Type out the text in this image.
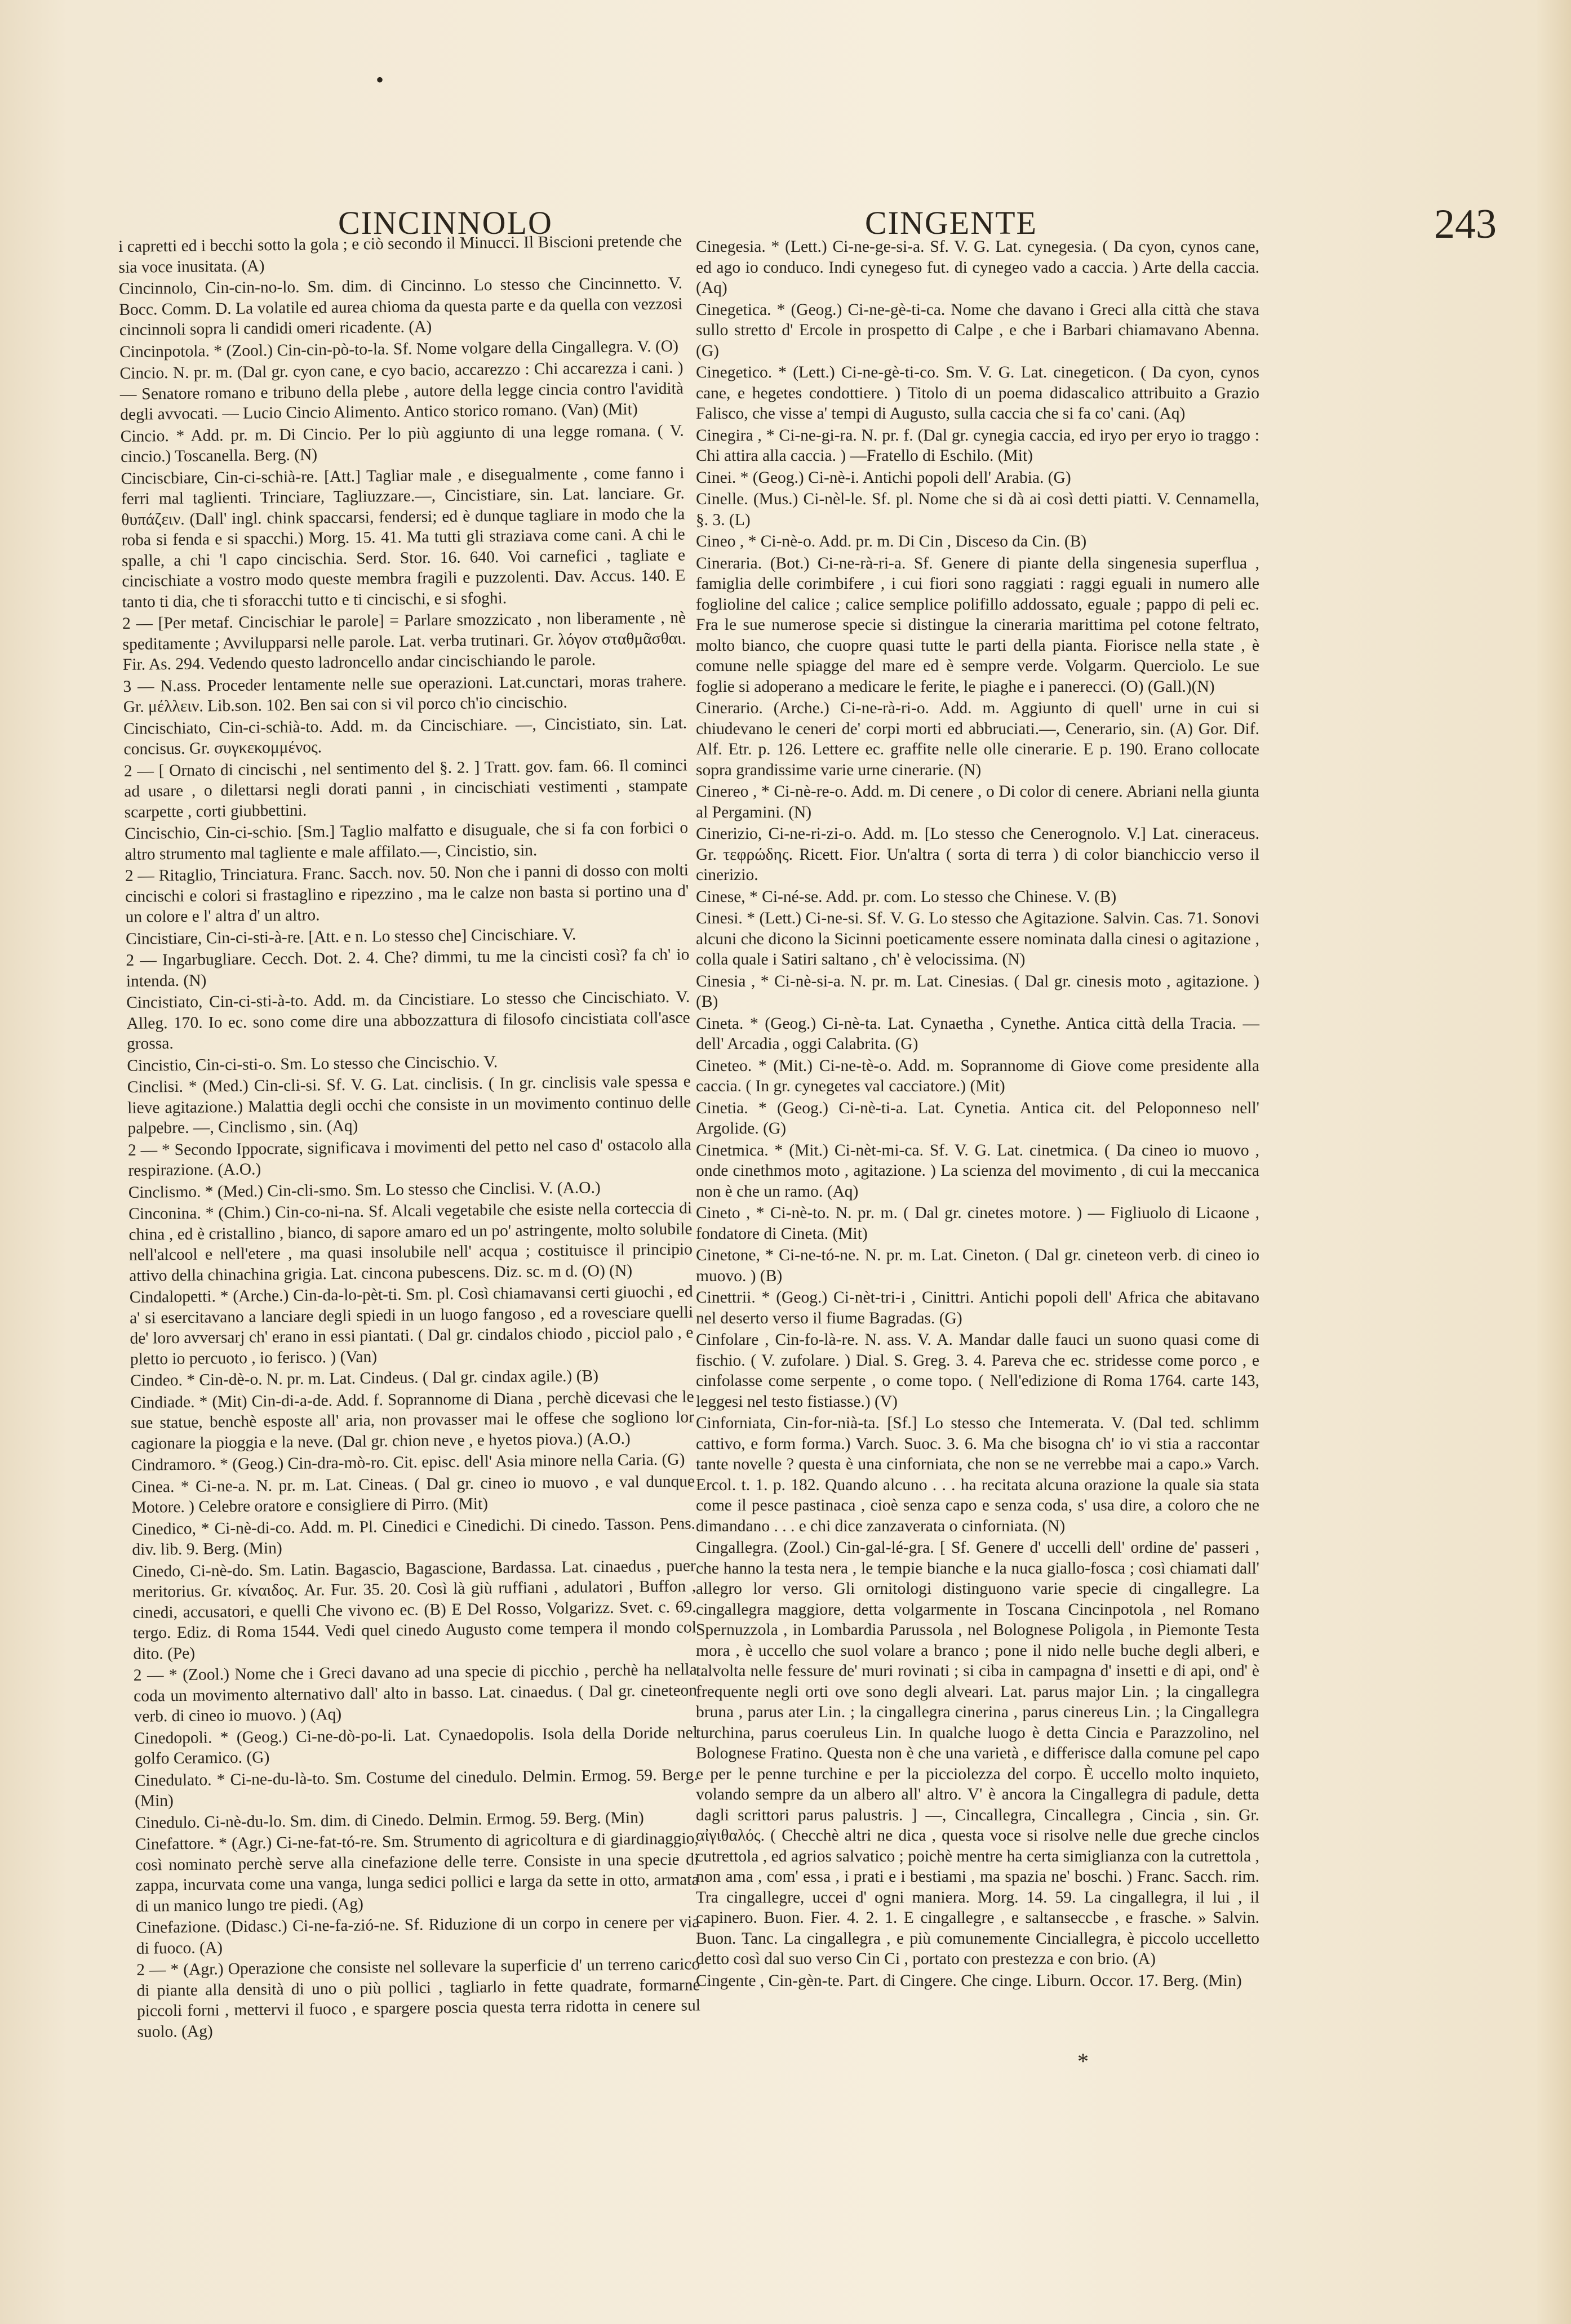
•
CINCINNOLO	CINGENTE	243

i capretti ed i becchi sotto la gola ; e ciò secondo il Minucci. Il Biscioni pretende che sia voce inusitata. (A)

Cincinnolo, Cin-cin-no-lo. Sm. dim. di Cincinno. Lo stesso che Cincinnetto. V. Bocc. Comm. D. La volatile ed aurea chioma da questa parte e da quella con vezzosi cincinnoli sopra li candidi omeri ricadente. (A)

Cincinpotola. * (Zool.) Cin-cin-pò-to-la. Sf. Nome volgare della Cingallegra. V. (O)

Cincio. N. pr. m. (Dal gr. cyon cane, e cyo bacio, accarezzo : Chi accarezza i cani. ) — Senatore romano e tribuno della plebe , autore della legge cincia contro l'avidità degli avvocati. — Lucio Cincio Alimento. Antico storico romano. (Van) (Mit)

Cincio. * Add. pr. m. Di Cincio. Per lo più aggiunto di una legge romana. ( V. cincio.) Toscanella. Berg. (N)

Cinciscbiare, Cin-ci-schià-re. [Att.] Tagliar male , e disegualmente , come fanno i ferri mal taglienti. Trinciare, Tagliuzzare.—, Cincistiare, sin. Lat. lanciare. Gr. θυπάζειν. (Dall' ingl. chink spaccarsi, fendersi; ed è dunque tagliare in modo che la roba si fenda e si spacchi.) Morg. 15. 41. Ma tutti gli straziava come cani. A chi le spalle, a chi 'l capo cincischia. Serd. Stor. 16. 640. Voi carnefici , tagliate e cincischiate a vostro modo queste membra fragili e puzzolenti. Dav. Accus. 140. E tanto ti dia, che ti sforacchi tutto e ti cincischi, e si sfoghi.

2 — [Per metaf. Cincischiar le parole] = Parlare smozzicato , non liberamente , nè speditamente ; Avvilupparsi nelle parole. Lat. verba trutinari. Gr. λόγον σταθμᾶσθαι. Fir. As. 294. Vedendo questo ladroncello andar cincischiando le parole.

3 — N.ass. Proceder lentamente nelle sue operazioni. Lat.cunctari, moras trahere. Gr. μέλλειν. Lib.son. 102. Ben sai con si vil porco ch'io cincischio.

Cincischiato, Cin-ci-schià-to. Add. m. da Cincischiare. —, Cincistiato, sin. Lat. concisus. Gr. συγκεκομμένος.

2 — [ Ornato di cincischi , nel sentimento del §. 2. ] Tratt. gov. fam. 66. Il cominci ad usare , o dilettarsi negli dorati panni , in cincischiati vestimenti , stampate scarpette , corti giubbettini.

Cincischio, Cin-ci-schio. [Sm.] Taglio malfatto e disuguale, che si fa con forbici o altro strumento mal tagliente e male affilato.—, Cincistio, sin.

2 — Ritaglio, Trinciatura. Franc. Sacch. nov. 50. Non che i panni di dosso con molti cincischi e colori si frastaglino e ripezzino , ma le calze non basta si portino una d' un colore e l' altra d' un altro.

Cincistiare, Cin-ci-sti-à-re. [Att. e n. Lo stesso che] Cincischiare. V.

2 — Ingarbugliare. Cecch. Dot. 2. 4. Che? dimmi, tu me la cincisti così? fa ch' io intenda. (N)

Cincistiato, Cin-ci-sti-à-to. Add. m. da Cincistiare. Lo stesso che Cincischiato. V. Alleg. 170. Io ec. sono come dire una abbozzattura di filosofo cincistiata coll'asce grossa.

Cincistio, Cin-ci-sti-o. Sm. Lo stesso che Cincischio. V.

Cinclisi. * (Med.) Cin-cli-si. Sf. V. G. Lat. cinclisis. ( In gr. cinclisis vale spessa e lieve agitazione.) Malattia degli occhi che consiste in un movimento continuo delle palpebre. —, Cinclismo , sin. (Aq)

2 — * Secondo Ippocrate, significava i movimenti del petto nel caso d' ostacolo alla respirazione. (A.O.)

Cinclismo. * (Med.) Cin-cli-smo. Sm. Lo stesso che Cinclisi. V. (A.O.)

Cinconina. * (Chim.) Cin-co-ni-na. Sf. Alcali vegetabile che esiste nella corteccia di china , ed è cristallino , bianco, di sapore amaro ed un po' astringente, molto solubile nell'alcool e nell'etere , ma quasi insolubile nell' acqua ; costituisce il principio attivo della chinachina grigia. Lat. cincona pubescens. Diz. sc. m d. (O) (N)

Cindalopetti. * (Arche.) Cin-da-lo-pèt-ti. Sm. pl. Così chiamavansi certi giuochi , ed a' si esercitavano a lanciare degli spiedi in un luogo fangoso , ed a rovesciare quelli de' loro avversarj ch' erano in essi piantati. ( Dal gr. cindalos chiodo , picciol palo , e pletto io percuoto , io ferisco. ) (Van)

Cindeo. * Cin-dè-o. N. pr. m. Lat. Cindeus. ( Dal gr. cindax agile.) (B)

Cindiade. * (Mit) Cin-di-a-de. Add. f. Soprannome di Diana , perchè dicevasi che le sue statue, benchè esposte all' aria, non provasser mai le offese che sogliono lor cagionare la pioggia e la neve. (Dal gr. chion neve , e hyetos piova.) (A.O.)

Cindramoro. * (Geog.) Cin-dra-mò-ro. Cit. episc. dell' Asia minore nella Caria. (G)

Cinea. * Ci-ne-a. N. pr. m. Lat. Cineas. ( Dal gr. cineo io muovo , e val dunque Motore. ) Celebre oratore e consigliere di Pirro. (Mit)

Cinedico, * Ci-nè-di-co. Add. m. Pl. Cinedici e Cinedichi. Di cinedo. Tasson. Pens. div. lib. 9. Berg. (Min)

Cinedo, Ci-nè-do. Sm. Latin. Bagascio, Bagascione, Bardassa. Lat. cinaedus , puer meritorius. Gr. κίναιδος. Ar. Fur. 35. 20. Così là giù ruffiani , adulatori , Buffon , cinedi, accusatori, e quelli Che vivono ec. (B) E Del Rosso, Volgarizz. Svet. c. 69. tergo. Ediz. di Roma 1544. Vedi quel cinedo Augusto come tempera il mondo col dito. (Pe)

2 — * (Zool.) Nome che i Greci davano ad una specie di picchio , perchè ha nella coda un movimento alternativo dall' alto in basso. Lat. cinaedus. ( Dal gr. cineteon verb. di cineo io muovo. ) (Aq)

Cinedopoli. * (Geog.) Ci-ne-dò-po-li. Lat. Cynaedopolis. Isola della Doride nel golfo Ceramico. (G)

Cinedulato. * Ci-ne-du-là-to. Sm. Costume del cinedulo. Delmin. Ermog. 59. Berg. (Min)

Cinedulo. Ci-nè-du-lo. Sm. dim. di Cinedo. Delmin. Ermog. 59. Berg. (Min)

Cinefattore. * (Agr.) Ci-ne-fat-tó-re. Sm. Strumento di agricoltura e di giardinaggio, così nominato perchè serve alla cinefazione delle terre. Consiste in una specie di zappa, incurvata come una vanga, lunga sedici pollici e larga da sette in otto, armata di un manico lungo tre piedi. (Ag)

Cinefazione. (Didasc.) Ci-ne-fa-zió-ne. Sf. Riduzione di un corpo in cenere per via di fuoco. (A)

2 — * (Agr.) Operazione che consiste nel sollevare la superficie d' un terreno carico di piante alla densità di uno o più pollici , tagliarlo in fette quadrate, formarne piccoli forni , mettervi il fuoco , e spargere poscia questa terra ridotta in cenere sul suolo. (Ag)

Cinegesia. * (Lett.) Ci-ne-ge-si-a. Sf. V. G. Lat. cynegesia. ( Da cyon, cynos cane, ed ago io conduco. Indi cynegeso fut. di cynegeo vado a caccia. ) Arte della caccia. (Aq)

Cinegetica. * (Geog.) Ci-ne-gè-ti-ca. Nome che davano i Greci alla città che stava sullo stretto d' Ercole in prospetto di Calpe , e che i Barbari chiamavano Abenna. (G)

Cinegetico. * (Lett.) Ci-ne-gè-ti-co. Sm. V. G. Lat. cinegeticon. ( Da cyon, cynos cane, e hegetes condottiere. ) Titolo di un poema didascalico attribuito a Grazio Falisco, che visse a' tempi di Augusto, sulla caccia che si fa co' cani. (Aq)

Cinegira , * Ci-ne-gi-ra. N. pr. f. (Dal gr. cynegia caccia, ed iryo per eryo io traggo : Chi attira alla caccia. ) —Fratello di Eschilo. (Mit)

Cinei. * (Geog.) Ci-nè-i. Antichi popoli dell' Arabia. (G)

Cinelle. (Mus.) Ci-nèl-le. Sf. pl. Nome che si dà ai così detti piatti. V. Cennamella, §. 3. (L)

Cineo , * Ci-nè-o. Add. pr. m. Di Cin , Disceso da Cin. (B)

Cineraria. (Bot.) Ci-ne-rà-ri-a. Sf. Genere di piante della singenesia superflua , famiglia delle corimbifere , i cui fiori sono raggiati : raggi eguali in numero alle fogliolinе del calice ; calice semplice polifillo addossato, eguale ; pappo di peli ec. Fra le sue numerose specie si distingue la cineraria marittima pel cotone feltrato, molto bianco, che cuopre quasi tutte le parti della pianta. Fiorisce nella state , è comune nelle spiagge del mare ed è sempre verde. Volgarm. Querciolo. Le sue foglie si adoperano a medicare le ferite, le piaghe e i panerecci. (O) (Gall.)(N)

Cinerario. (Arche.) Ci-ne-rà-ri-o. Add. m. Aggiunto di quell' urne in cui si chiudevano le ceneri de' corpi morti ed abbruciati.—, Cenerario, sin. (A) Gor. Dif. Alf. Etr. p. 126. Lettere ec. graffite nelle olle cinerarie. E p. 190. Erano collocate sopra grandissime varie urne cinerarie. (N)

Cinereo , * Ci-nè-re-o. Add. m. Di cenere , o Di color di cenere. Abriani nella giunta al Pergamini. (N)

Cinerizio, Ci-ne-ri-zi-o. Add. m. [Lo stesso che Cenerognolo. V.] Lat. cineraceus. Gr. τεφρώδης. Ricett. Fior. Un'altra ( sorta di terra ) di color bianchiccio verso il cinerizio.

Cinese, * Ci-né-se. Add. pr. com. Lo stesso che Chinese. V. (B)

Cinesi. * (Lett.) Ci-ne-si. Sf. V. G. Lo stesso che Agitazione. Salvin. Cas. 71. Sonovi alcuni che dicono la Sicinni poeticamente essere nominata dalla cinesi o agitazione , colla quale i Satiri saltano , ch' è velocissima. (N)

Cinesia , * Ci-nè-si-a. N. pr. m. Lat. Cinesias. ( Dal gr. cinesis moto , agitazione. ) (B)

Cineta. * (Geog.) Ci-nè-ta. Lat. Cynaetha , Cynethe. Antica città della Tracia. — dell' Arcadia , oggi Calabrita. (G)

Cineteo. * (Mit.) Ci-ne-tè-o. Add. m. Soprannome di Giove come presidente alla caccia. ( In gr. cynegetes val cacciatore.) (Mit)

Cinetia. * (Geog.) Ci-nè-ti-a. Lat. Cynetia. Antica cit. del Peloponneso nell' Argolide. (G)

Cinetmica. * (Mit.) Ci-nèt-mi-ca. Sf. V. G. Lat. cinetmica. ( Da cineo io muovo , onde cinethmos moto , agitazione. ) La scienza del movimento , di cui la meccanica non è che un ramo. (Aq)

Cineto , * Ci-nè-to. N. pr. m. ( Dal gr. cinetes motore. ) — Figliuolo di Licaone , fondatore di Cineta. (Mit)

Cinetone, * Ci-ne-tó-ne. N. pr. m. Lat. Cineton. ( Dal gr. cineteon verb. di cineo io muovo. ) (B)

Cinettrii. * (Geog.) Ci-nèt-tri-i , Cinittri. Antichi popoli dell' Africa che abitavano nel deserto verso il fiume Bagradas. (G)

Cinfolare , Cin-fo-là-re. N. ass. V. A. Mandar dalle fauci un suono quasi come di fischio. ( V. zufolare. ) Dial. S. Greg. 3. 4. Pareva che ec. stridesse come porco , e cinfolasse come serpente , o come topo. ( Nell'edizione di Roma 1764. carte 143, leggesi nel testo fistiasse.) (V)

Cinforniata, Cin-for-nià-ta. [Sf.] Lo stesso che Intemerata. V. (Dal ted. schlimm cattivo, e form forma.) Varch. Suoc. 3. 6. Ma che bisogna ch' io vi stia a raccontar tante novelle ? questa è una cinforniata, che non se ne verrebbe mai a capo.» Varch. Ercol. t. 1. p. 182. Quando alcuno . . . ha recitata alcuna orazione la quale sia stata come il pesce pastinaca , cioè senza capo e senza coda, s' usa dire, a coloro che ne dimandano . . . e chi dice zanzaverata o cinforniata. (N)

Cingallegra. (Zool.) Cin-gal-lé-gra. [ Sf. Genere d' uccelli dell' ordine de' passeri , che hanno la testa nera , le tempie bianche e la nuca giallo-fosca ; così chiamati dall' allegro lor verso. Gli ornitologi distinguono varie specie di cingallegre. La cingallegra maggiore, detta volgarmente in Toscana Cincinpotola , nel Romano Spernuzzola , in Lombardia Parussola , nel Bolognese Poligola , in Piemonte Testa mora , è uccello che suol volare a branco ; pone il nido nelle buche degli alberi, e talvolta nelle fessure de' muri rovinati ; si ciba in campagna d' insetti e di api, ond' è frequente negli orti ove sono degli alveari. Lat. parus major Lin. ; la cingallegra bruna , parus ater Lin. ; la cingallegra cinerina , parus cinereus Lin. ; la Cingallegra turchina, parus coeruleus Lin. In qualche luogo è detta Cincia e Parazzolino, nel Bolognese Fratino. Questa non è che una varietà , e differisce dalla comune pel capo e per le penne turchine e per la picciolezza del corpo. È uccello molto inquieto, volando sempre da un albero all' altro. V' è ancora la Cingallegra di padule, detta dagli scrittori parus palustris. ] —, Cincallegra, Cincallegra , Cincia , sin. Gr. αἰγιθαλός. ( Checchè altri ne dica , questa voce si risolve nelle due greche cinclos cutrettola , ed agrios salvatico ; poichè mentre ha certa simiglianza con la cutrettola , non ama , com' essa , i prati e i bestiami , ma spazia ne' boschi. ) Franc. Sacch. rim. Tra cingallegre, uccei d' ogni maniera. Morg. 14. 59. La cingallegra, il lui , il capinero. Buon. Fier. 4. 2. 1. E cingallegre , e saltanseccbe , e frasche. » Salvin. Buon. Tanc. La cingallegra , e più comunemente Cinciallegra, è piccolo uccelletto detto così dal suo verso Cin Ci , portato con prestezza e con brio. (A)

Cingente , Cin-gèn-te. Part. di Cingere. Che cinge. Liburn. Occor. 17. Berg. (Min)

*
